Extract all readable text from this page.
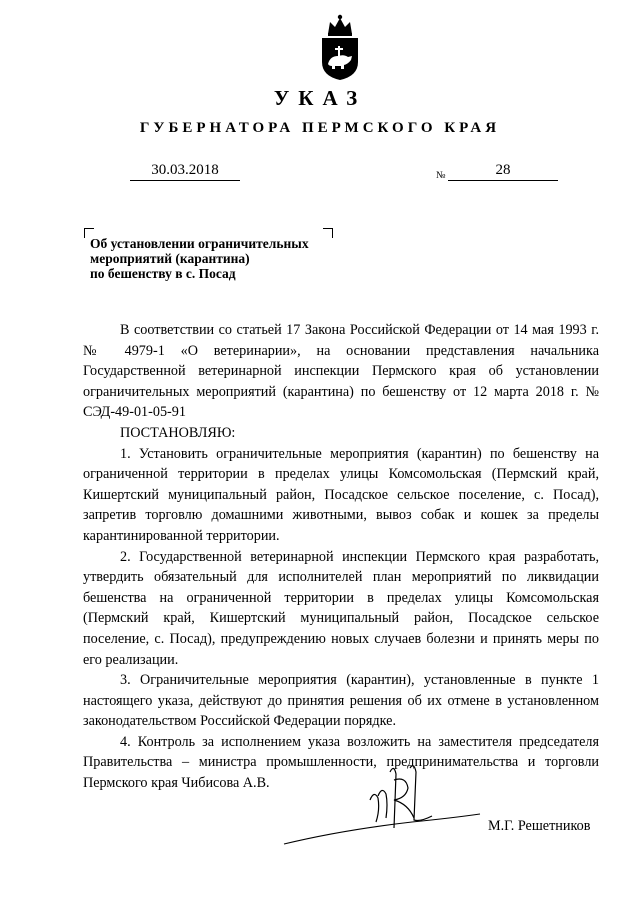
УКАЗ
ГУБЕРНАТОРА ПЕРМСКОГО КРАЯ
30.03.2018	№	28
Об установлении ограничительных
мероприятий (карантина)
по бешенству в с. Посад

В соответствии со статьей 17 Закона Российской Федерации от 14 мая 1993 г. № 4979-1 «О ветеринарии», на основании представления начальника Государственной ветеринарной инспекции Пермского края об установлении ограничительных мероприятий (карантина) по бешенству от 12 марта 2018 г. № СЭД-49-01-05-91

ПОСТАНОВЛЯЮ:

1. Установить ограничительные мероприятия (карантин) по бешенству на ограниченной территории в пределах улицы Комсомольская (Пермский край, Кишертский муниципальный район, Посадское сельское поселение, с. Посад), запретив торговлю домашними животными, вывоз собак и кошек за пределы карантинированной территории.

2. Государственной ветеринарной инспекции Пермского края разработать, утвердить обязательный для исполнителей план мероприятий по ликвидации бешенства на ограниченной территории в пределах улицы Комсомольская (Пермский край, Кишертский муниципальный район, Посадское сельское поселение, с. Посад), предупреждению новых случаев болезни и принять меры по его реализации.

3. Ограничительные мероприятия (карантин), установленные в пункте 1 настоящего указа, действуют до принятия решения об их отмене в установленном законодательством Российской Федерации порядке.

4. Контроль за исполнением указа возложить на заместителя председателя Правительства – министра промышленности, предпринимательства и торговли Пермского края Чибисова А.В.

М.Г. Решетников
